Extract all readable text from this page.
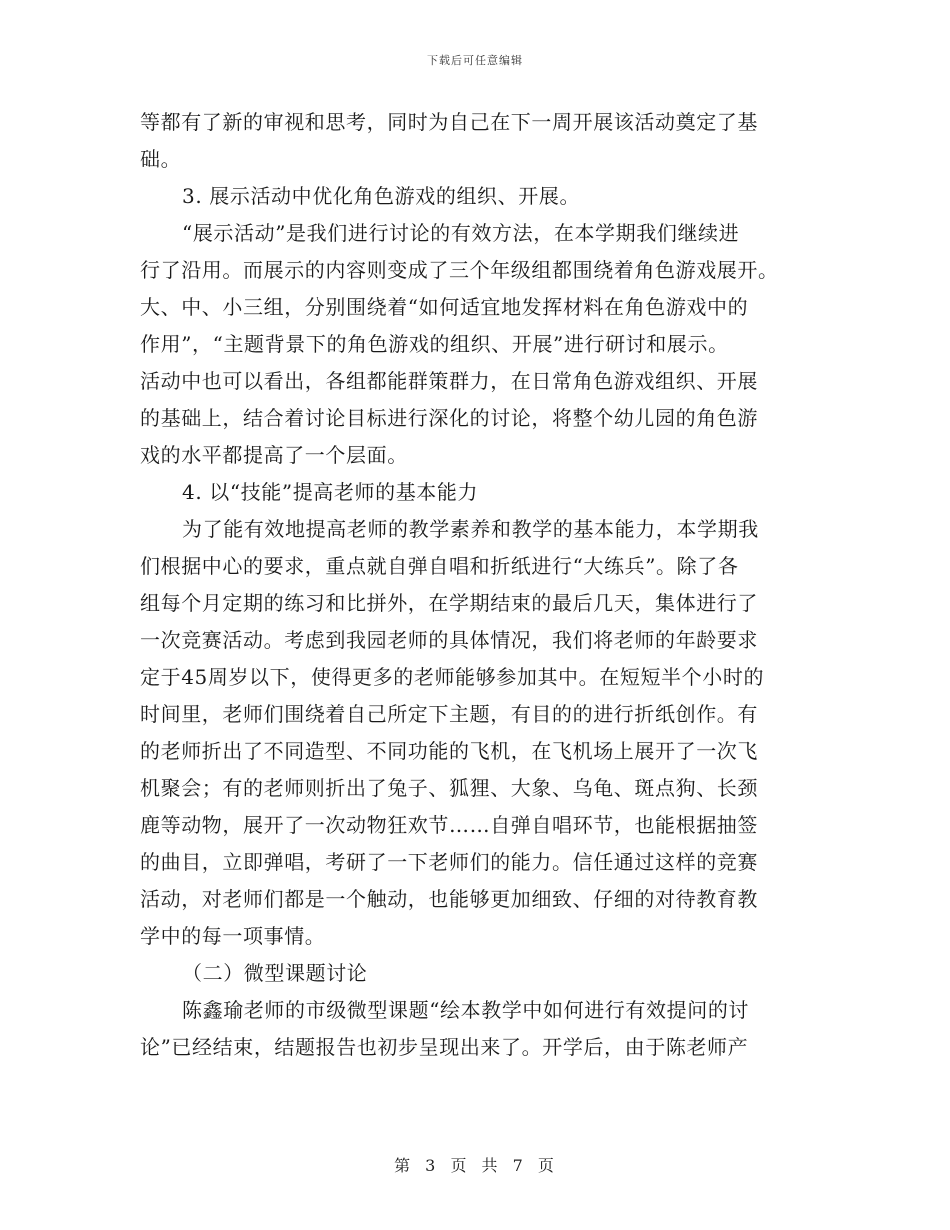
下载后可任意编辑
等都有了新的审视和思考，同时为自己在下一周开展该活动奠定了基
础。
3. 展示活动中优化角色游戏的组织、开展。
“展示活动”是我们进行讨论的有效方法，在本学期我们继续进
行了沿用。而展示的内容则变成了三个年级组都围绕着角色游戏展开。
大、中、小三组，分别围绕着“如何适宜地发挥材料在角色游戏中的
作用”，“主题背景下的角色游戏的组织、开展”进行研讨和展示。
活动中也可以看出，各组都能群策群力，在日常角色游戏组织、开展
的基础上，结合着讨论目标进行深化的讨论，将整个幼儿园的角色游
戏的水平都提高了一个层面。
4. 以“技能”提高老师的基本能力
为了能有效地提高老师的教学素养和教学的基本能力，本学期我
们根据中心的要求，重点就自弹自唱和折纸进行“大练兵”。除了各
组每个月定期的练习和比拼外，在学期结束的最后几天，集体进行了
一次竞赛活动。考虑到我园老师的具体情况，我们将老师的年龄要求
定于45周岁以下，使得更多的老师能够参加其中。在短短半个小时的
时间里，老师们围绕着自己所定下主题，有目的的进行折纸创作。有
的老师折出了不同造型、不同功能的飞机，在飞机场上展开了一次飞
机聚会；有的老师则折出了兔子、狐狸、大象、乌龟、斑点狗、长颈
鹿等动物，展开了一次动物狂欢节……自弹自唱环节，也能根据抽签
的曲目，立即弹唱，考研了一下老师们的能力。信任通过这样的竞赛
活动，对老师们都是一个触动，也能够更加细致、仔细的对待教育教
学中的每一项事情。
（二）微型课题讨论
陈鑫瑜老师的市级微型课题“绘本教学中如何进行有效提问的讨
论”已经结束，结题报告也初步呈现出来了。开学后，由于陈老师产
第 3 页 共 7 页
